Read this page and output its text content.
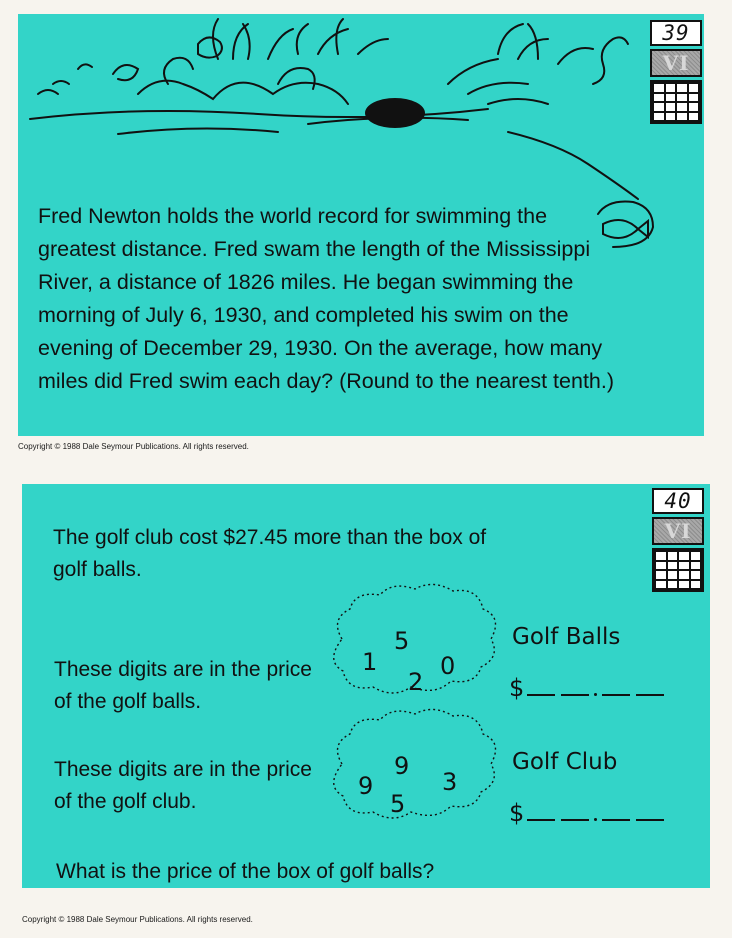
Fred Newton holds the world record for swimming the greatest distance. Fred swam the length of the Mississippi River, a distance of 1826 miles. He began swimming the morning of July 6, 1930, and completed his swim on the evening of December 29, 1930. On the average, how many miles did Fred swim each day? (Round to the nearest tenth.)

39
VI
Copyright © 1988 Dale Seymour Publications. All rights reserved.
The golf club cost $27.45 more than the box of golf balls.
These digits are in the price of the golf balls.
These digits are in the price of the golf club.
1
5
2
0
9
9
3
5
Golf Balls
$
Golf Club
$
What is the price of the box of golf balls?
40
VI
Copyright © 1988 Dale Seymour Publications. All rights reserved.
